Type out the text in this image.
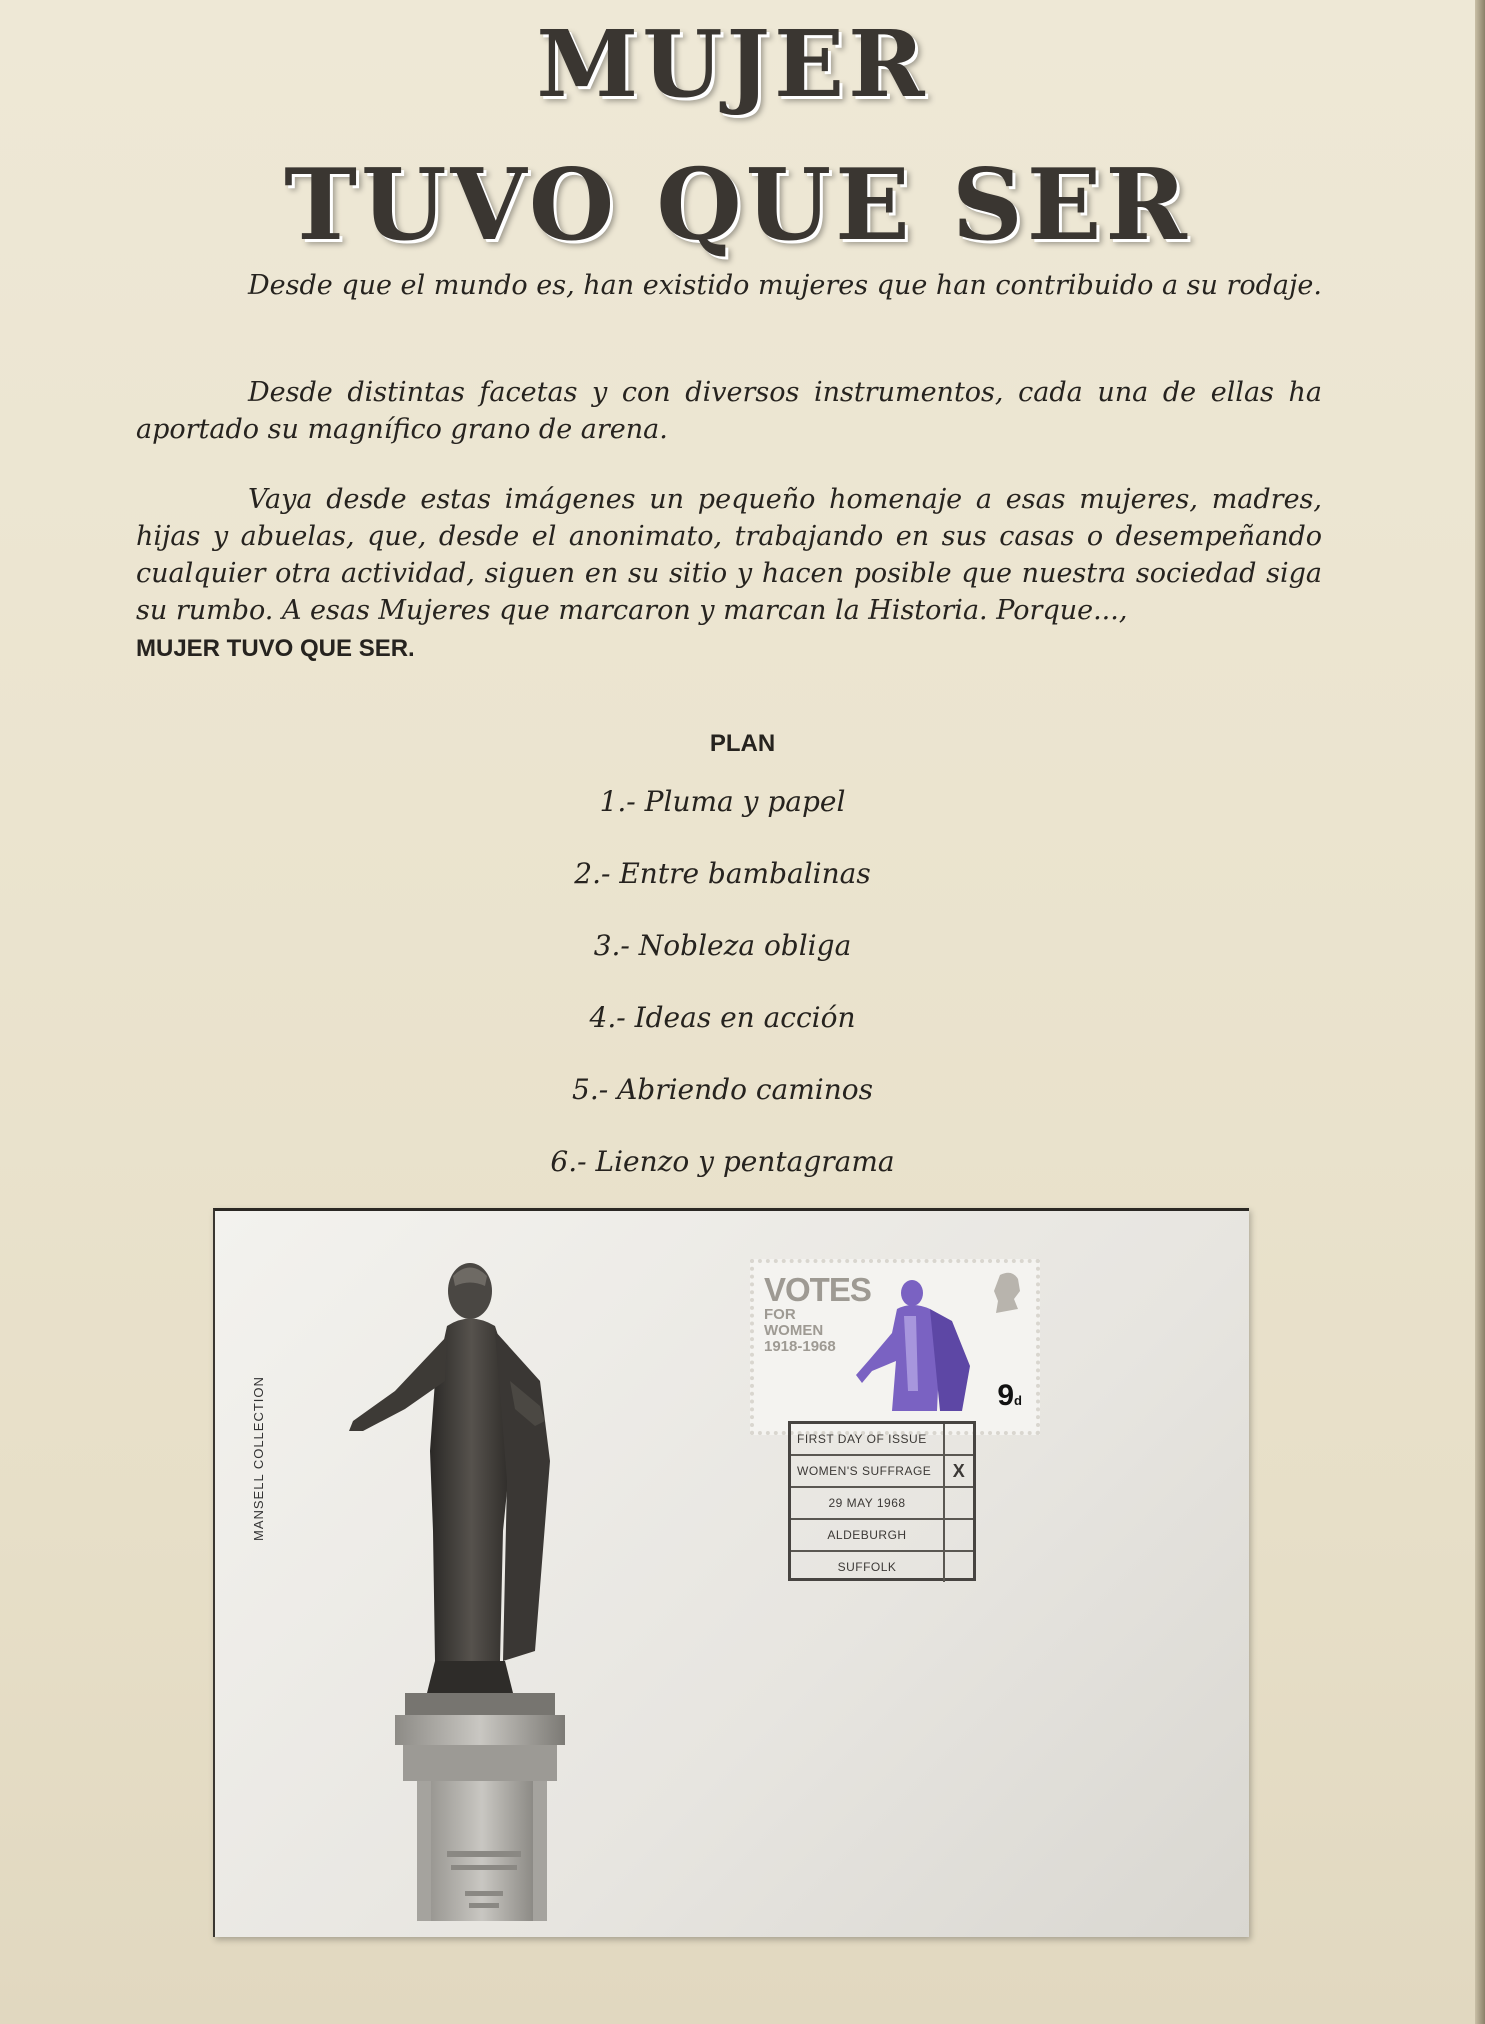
MUJER
TUVO QUE SER

Desde que el mundo es, han existido mujeres que han contribuido a su rodaje.

Desde distintas facetas y con diversos instrumentos, cada una de ellas ha aportado su magnífico grano de arena.

Vaya desde estas imágenes un pequeño homenaje a esas mujeres, madres, hijas y abuelas, que, desde el anonimato, trabajando en sus casas o desempeñando cualquier otra actividad, siguen en su sitio y hacen posible que nuestra sociedad siga su rumbo. A esas Mujeres que marcaron y marcan la Historia. Porque...,
MUJER TUVO QUE SER.

PLAN
1.- Pluma y papel
2.- Entre bambalinas
3.- Nobleza obliga
4.- Ideas en acción
5.- Abriendo caminos
6.- Lienzo y pentagrama
MANSELL COLLECTION
VOTES
FOR
WOMEN
1918-1968
9d
FIRST DAY OF ISSUE
WOMEN'S SUFFRAGE	X
29 MAY 1968
ALDEBURGH
SUFFOLK
